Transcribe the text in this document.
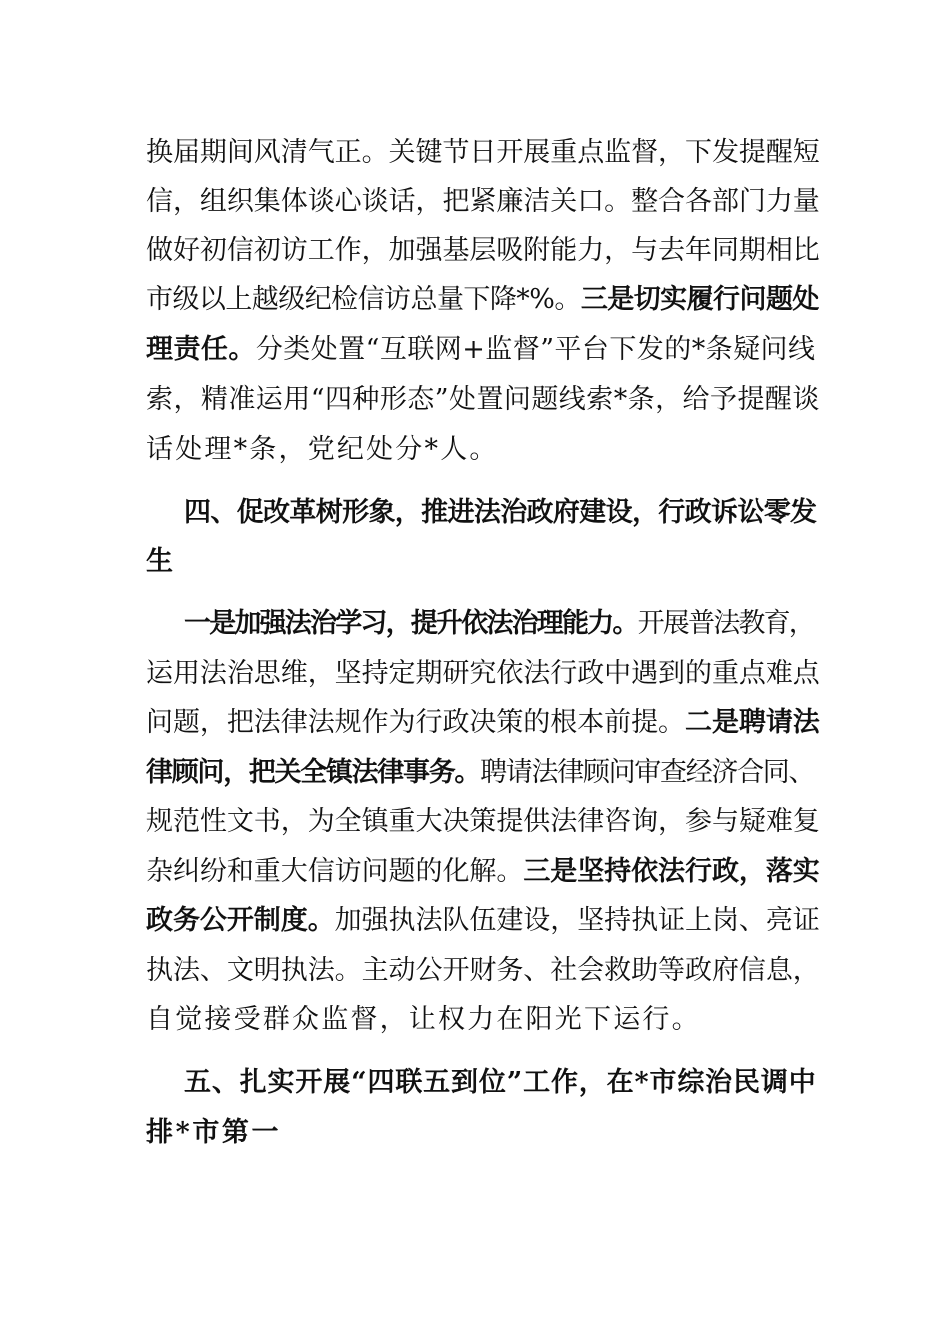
换届期间风清气正。关键节日开展重点监督，下发提醒短
信，组织集体谈心谈话，把紧廉洁关口。整合各部门力量
做好初信初访工作，加强基层吸附能力，与去年同期相比
市级以上越级纪检信访总量下降*%。三是切实履行问题处
理责任。分类处置“互联网+监督”平台下发的*条疑问线
索，精准运用“四种形态”处置问题线索*条，给予提醒谈
话处理*条，党纪处分*人。
四、促改革树形象，推进法治政府建设，行政诉讼零发
生
一是加强法治学习，提升依法治理能力。开展普法教育，
运用法治思维，坚持定期研究依法行政中遇到的重点难点
问题，把法律法规作为行政决策的根本前提。二是聘请法
律顾问，把关全镇法律事务。聘请法律顾问审查经济合同、
规范性文书，为全镇重大决策提供法律咨询，参与疑难复
杂纠纷和重大信访问题的化解。三是坚持依法行政，落实
政务公开制度。加强执法队伍建设，坚持执证上岗、亮证
执法、文明执法。主动公开财务、社会救助等政府信息，
自觉接受群众监督，让权力在阳光下运行。
五、扎实开展“四联五到位”工作，在*市综治民调中
排*市第一
